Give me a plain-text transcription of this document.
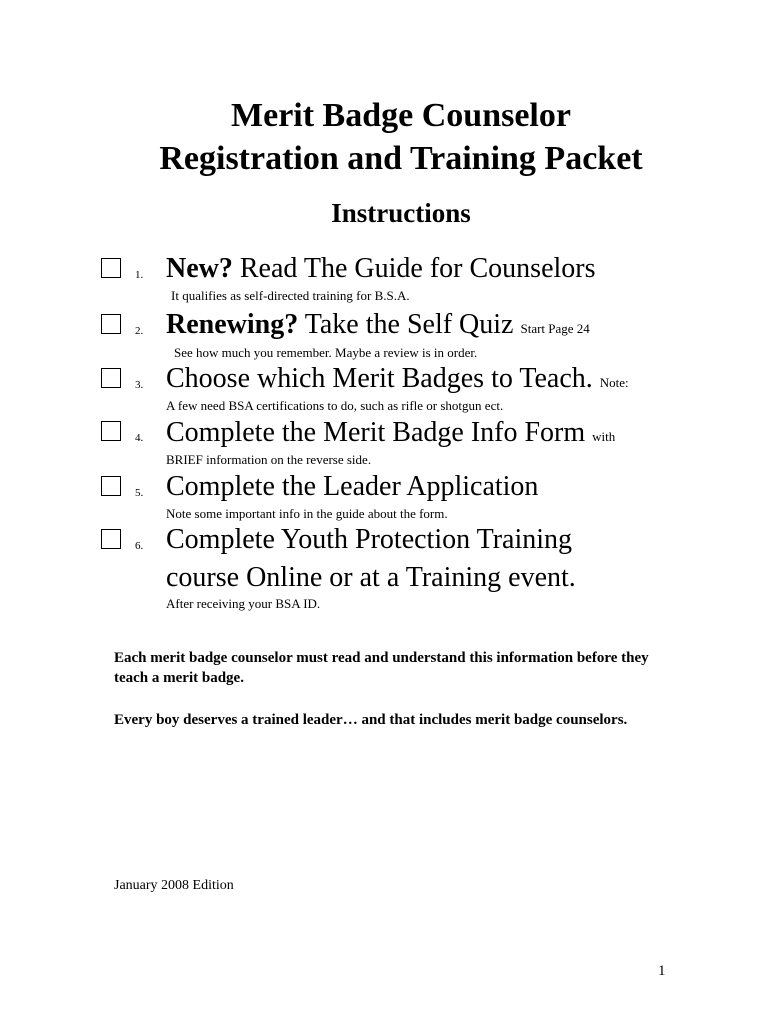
Merit Badge Counselor
Registration and Training Packet
Instructions
1. New? Read The Guide for Counselors
It qualifies as self-directed training for B.S.A.
2. Renewing? Take the Self Quiz Start Page 24
See how much you remember. Maybe a review is in order.
3. Choose which Merit Badges to Teach. Note:
A few need BSA certifications to do, such as rifle or shotgun ect.
4. Complete the Merit Badge Info Form with
BRIEF information on the reverse side.
5. Complete the Leader Application
Note some important info in the guide about the form.
6. Complete Youth Protection Training
course Online or at a Training event.
After receiving your BSA ID.

Each merit badge counselor must read and understand this information before they teach a merit badge.

Every boy deserves a trained leader… and that includes merit badge counselors.

January 2008 Edition
1
